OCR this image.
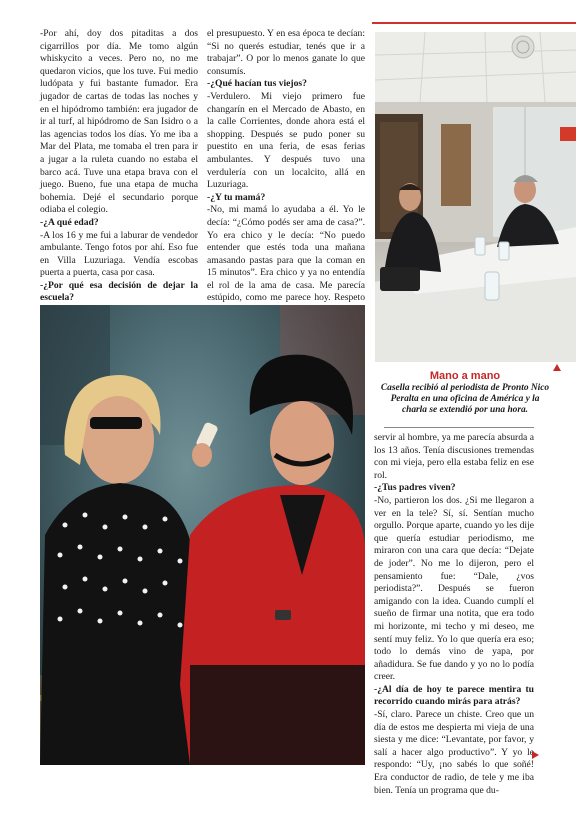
-Por ahí, doy dos pitaditas a dos cigarrillos por día. Me tomo algún whiskycito a veces. Pero no, no me quedaron vicios, que los tuve. Fui medio ludópata y fui bastante fumador. Era jugador de cartas de todas las noches y en el hipódromo también: era jugador de ir al turf, al hipódromo de San Isidro o a las agencias todos los días. Yo me iba a Mar del Plata, me tomaba el tren para ir a jugar a la ruleta cuando no estaba el barco acá. Tuve una etapa brava con el juego. Bueno, fue una etapa de mucha bohemia. Dejé el secundario porque odiaba el colegio.

-¿A qué edad?

-A los 16 y me fui a laburar de vendedor ambulante. Tengo fotos por ahí. Eso fue en Villa Luzuriaga. Vendía escobas puerta a puerta, casa por casa.

-¿Por qué esa decisión de dejar la escuela?

el presupuesto. Y en esa época te decían: “Si no querés estudiar, tenés que ir a trabajar”. O por lo menos ganate lo que consumís.

-¿Qué hacían tus viejos?

-Verdulero. Mi viejo primero fue changarín en el Mercado de Abasto, en la calle Corrientes, donde ahora está el shopping. Después se pudo poner su puestito en una feria, de esas ferias ambulantes. Y después tuvo una verdulería con un localcito, allá en Luzuriaga.

-¿Y tu mamá?

-No, mi mamá lo ayudaba a él. Yo le decía: “¿Cómo podés ser ama de casa?”. Yo era chico y le decía: “No puedo entender que estés toda una mañana amasando pastas para que la coman en 15 minutos”. Era chico y ya no entendía el rol de la ama de casa. Me parecía estúpido, como me parece hoy. Respeto

servir al hombre, ya me parecía absurda a los 13 años. Tenía discusiones tremendas con mi vieja, pero ella estaba feliz en ese rol.

-¿Tus padres viven?

-No, partieron los dos. ¿Si me llegaron a ver en la tele? Sí, sí. Sentían mucho orgullo. Porque aparte, cuando yo les dije que quería estudiar periodismo, me miraron con una cara que decía: “Dejate de joder”. No me lo dijeron, pero el pensamiento fue: “Dale, ¿vos periodista?”. Después se fueron amigando con la idea. Cuando cumplí el sueño de firmar una notita, que era todo mi horizonte, mi techo y mi deseo, me sentí muy feliz. Yo lo que quería era eso; todo lo demás vino de yapa, por añadidura. Se fue dando y yo no lo podía creer.

-¿Al día de hoy te parece mentira tu recorrido cuando mirás para atrás?

-Sí, claro. Parece un chiste. Creo que un día de estos me despierta mi vieja de una siesta y me dice: “Levantate, por favor, y salí a hacer algo productivo”. Y yo le respondo: “Uy, ¡no sabés lo que soñé! Era conductor de radio, de tele y me iba bien. Tenía un programa que du-

Mano a mano
Casella recibió al periodista de Pronto Nico Peralta en una oficina de América y la charla se extendió por una hora.
